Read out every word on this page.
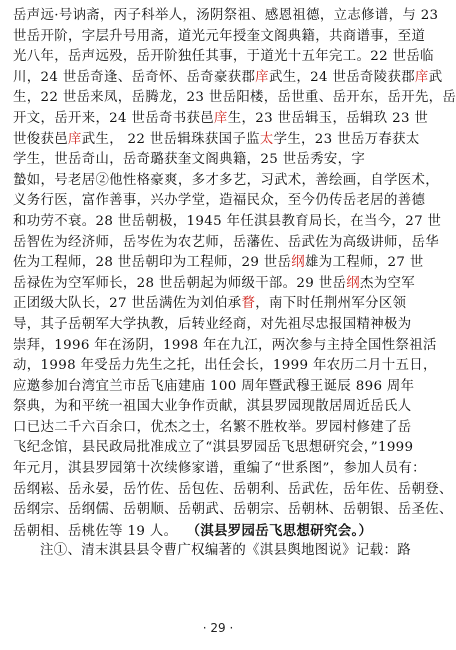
岳声远·号讷斋，丙子科举人，汤阴祭祖、感恩祖德，立志修谱，与 23
世岳开阶，字层升号用斋，道光元年授奎文阁典籍，共商谱事，至道
光八年，岳声远殁，岳开阶独任其事，于道光十五年完工。22 世岳临
川，24 世岳奇逢、岳奇怀、岳奇豪获郡庠武生，24 世岳奇陵获郡庠武
生，22 世岳来凤，岳腾龙，23 世岳阳楼，岳世重、岳开东，岳开先，岳
开文，岳开来，24 世岳奇书获邑庠生，23 世岳辑玉，岳辑玖 23 世
世俊获邑庠武生， 22 世岳辑珠获国子监太学生，23 世岳万春获太
学生，世岳奇山，岳奇璐获奎文阁典籍，25 世岳秀安，字
蟄如，号老居②他性格豪爽，多才多艺，习武术，善绘画，自学医术，
义务行医，富作善事，兴办学堂，造福民众，至今仍传岳老居的善德
和功劳不衰。28 世岳朝极，1945 年任淇县教育局长，在当今，27 世
岳智佐为经济师，岳岑佐为农艺师，岳藩佐、岳武佐为高级讲师，岳华
佐为工程师，28 世岳朝印为工程师，29 世岳纲雄为工程师，27 世
岳禄佐为空军师长，28 世岳朝起为师级干部。29 世岳纲杰为空军
正团级大队长，27 世岳满佐为刘伯承瞀，南下时任荆州军分区领
导，其子岳朝军大学执教，后转业经商，对先祖尽忠报国精神极为
崇拜，1996 年在汤阴，1998 年在九江，两次参与主持全国性祭祖活
动，1998 年受岳力先生之托，出任会长，1999 年农历二月十五日，
应邀参加台湾宜兰市岳飞庙建庙 100 周年暨武穆王诞辰 896 周年
祭典，为和平统一祖国大业争作贡献，淇县罗园现散居周近岳氏人
口已达二千六百余口，优杰之士，名繁不胜枚举。罗园村修建了岳
飞纪念馆，县民政局批准成立了“淇县罗园岳飞思想研究会，”1999
年元月，淇县罗园第十次续修家谱，重编了“世系图”，参加人员有：
岳纲崧、岳永晏，岳竹佐、岳包佐、岳朝利、岳武佐，岳年佐、岳朝登、
岳纲宗、岳纲儒、岳朝顺、岳朝武、岳朝宗、岳朝林、岳朝银、岳圣佐、
岳朝相、岳桃佐等 19 人。 （淇县罗园岳飞思想研究会。）
注①、清末淇县县令曹广权编著的《淇县舆地图说》记载：路
· 29 ·
